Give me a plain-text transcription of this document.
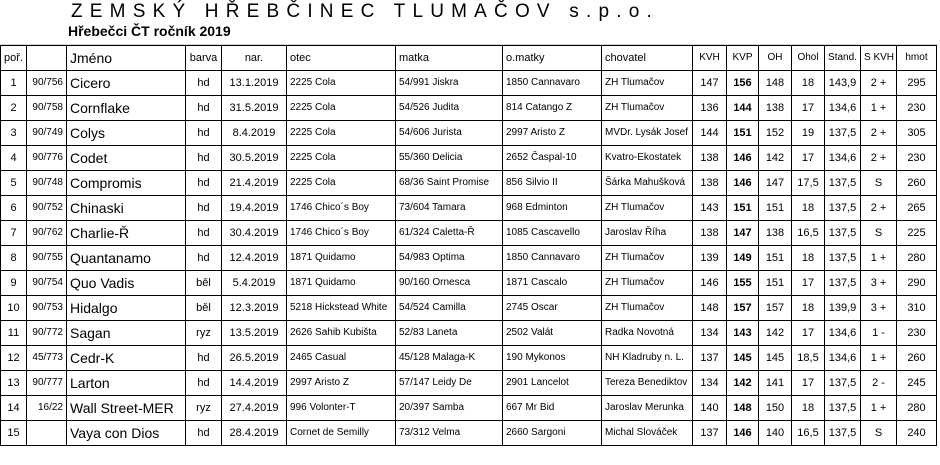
ZEMSKÝ HŘEBČINEC TLUMAČOV s.p.o.
Hřebečci ČT ročník 2019
poř.		Jméno	barva	nar.	otec	matka	o.matky	chovatel	KVH	KVP	OH	Ohol	Stand.	S KVH	hmot
1	90/756	Cicero	hd	13.1.2019	2225 Cola	54/991 Jiskra	1850 Cannavaro	ZH Tlumačov	147	156	148	18	143,9	2 +	295
2	90/758	Cornflake	hd	31.5.2019	2225 Cola	54/526 Judita	814 Catango Z	ZH Tlumačov	136	144	138	17	134,6	1 +	230
3	90/749	Colys	hd	8.4.2019	2225 Cola	54/606 Jurista	2997 Aristo Z	MVDr. Lysák Josef	144	151	152	19	137,5	2 +	305
4	90/776	Codet	hd	30.5.2019	2225 Cola	55/360 Delicia	2652 Časpal-10	Kvatro-Ekostatek	138	146	142	17	134,6	2 +	230
5	90/748	Compromis	hd	21.4.2019	2225 Cola	68/36 Saint Promise	856 Silvio II	Šárka Mahušková	138	146	147	17,5	137,5	S	260
6	90/752	Chinaski	hd	19.4.2019	1746 Chico´s Boy	73/604 Tamara	968 Edminton	ZH Tlumačov	143	151	151	18	137,5	2 +	265
7	90/762	Charlie-Ř	hd	30.4.2019	1746 Chico´s Boy	61/324 Caletta-Ř	1085 Cascavello	Jaroslav Říha	138	147	138	16,5	137,5	S	225
8	90/755	Quantanamo	hd	12.4.2019	1871 Quidamo	54/983 Optima	1850 Cannavaro	ZH Tlumačov	139	149	151	18	137,5	1 +	280
9	90/754	Quo Vadis	běl	5.4.2019	1871 Quidamo	90/160 Ornesca	1871 Cascalo	ZH Tlumačov	146	155	151	17	137,5	3 +	290
10	90/753	Hidalgo	běl	12.3.2019	5218 Hickstead White	54/524 Camilla	2745 Oscar	ZH Tlumačov	148	157	157	18	139,9	3 +	310
11	90/772	Sagan	ryz	13.5.2019	2626 Sahib Kubišta	52/83 Laneta	2502 Valát	Radka Novotná	134	143	142	17	134,6	1 -	230
12	45/773	Cedr-K	hd	26.5.2019	2465 Casual	45/128 Malaga-K	190 Mykonos	NH Kladruby n. L.	137	145	145	18,5	134,6	1 +	260
13	90/777	Larton	hd	14.4.2019	2997 Aristo Z	57/147 Leidy De	2901 Lancelot	Tereza Benediktov	134	142	141	17	137,5	2 -	245
14	16/22	Wall Street-MER	ryz	27.4.2019	996 Volonter-T	20/397 Samba	667 Mr Bid	Jaroslav Merunka	140	148	150	18	137,5	1 +	280
15		Vaya con Dios	hd	28.4.2019	Cornet de Semilly	73/312 Velma	2660 Sargoni	Michal Slováček	137	146	140	16,5	137,5	S	240
